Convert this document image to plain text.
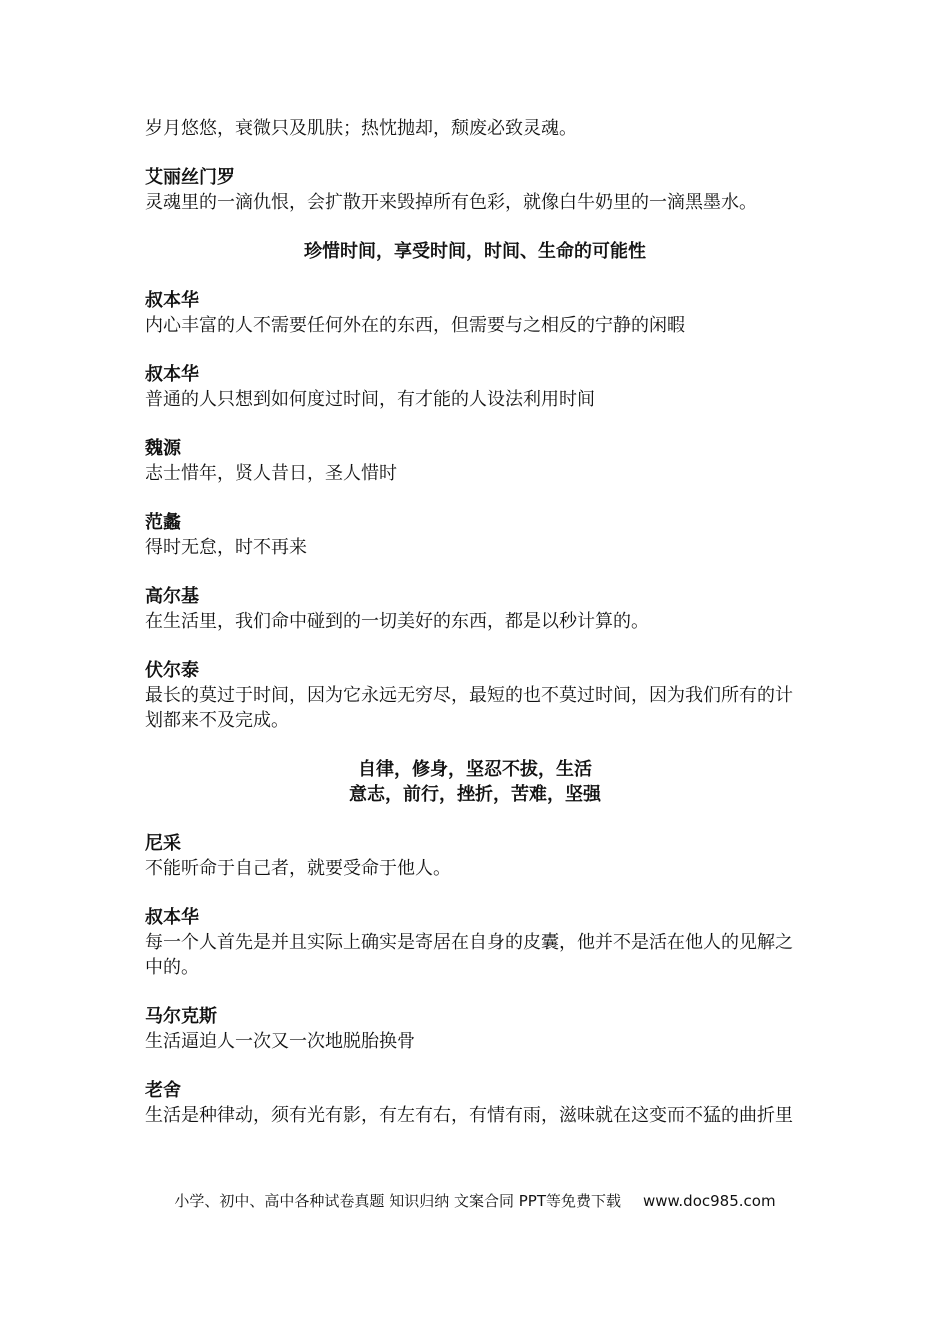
岁月悠悠，衰微只及肌肤；热忱抛却，颓废必致灵魂。

艾丽丝门罗

灵魂里的一滴仇恨，会扩散开来毁掉所有色彩，就像白牛奶里的一滴黑墨水。

珍惜时间，享受时间，时间、生命的可能性

叔本华

内心丰富的人不需要任何外在的东西，但需要与之相反的宁静的闲暇

叔本华

普通的人只想到如何度过时间，有才能的人设法利用时间

魏源

志士惜年，贤人昔日，圣人惜时

范蠡

得时无怠，时不再来

高尔基

在生活里，我们命中碰到的一切美好的东西，都是以秒计算的。

伏尔泰

最长的莫过于时间，因为它永远无穷尽，最短的也不莫过时间，因为我们所有的计划都来不及完成。

自律，修身，坚忍不拔，生活
意志，前行，挫折，苦难，坚强

尼采

不能听命于自己者，就要受命于他人。

叔本华

每一个人首先是并且实际上确实是寄居在自身的皮囊，他并不是活在他人的见解之中的。

马尔克斯

生活逼迫人一次又一次地脱胎换骨

老舍

生活是种律动，须有光有影，有左有右，有情有雨，滋味就在这变而不猛的曲折里

小学、初中、高中各种试卷真题 知识归纳 文案合同 PPT等免费下载 www.doc985.com
